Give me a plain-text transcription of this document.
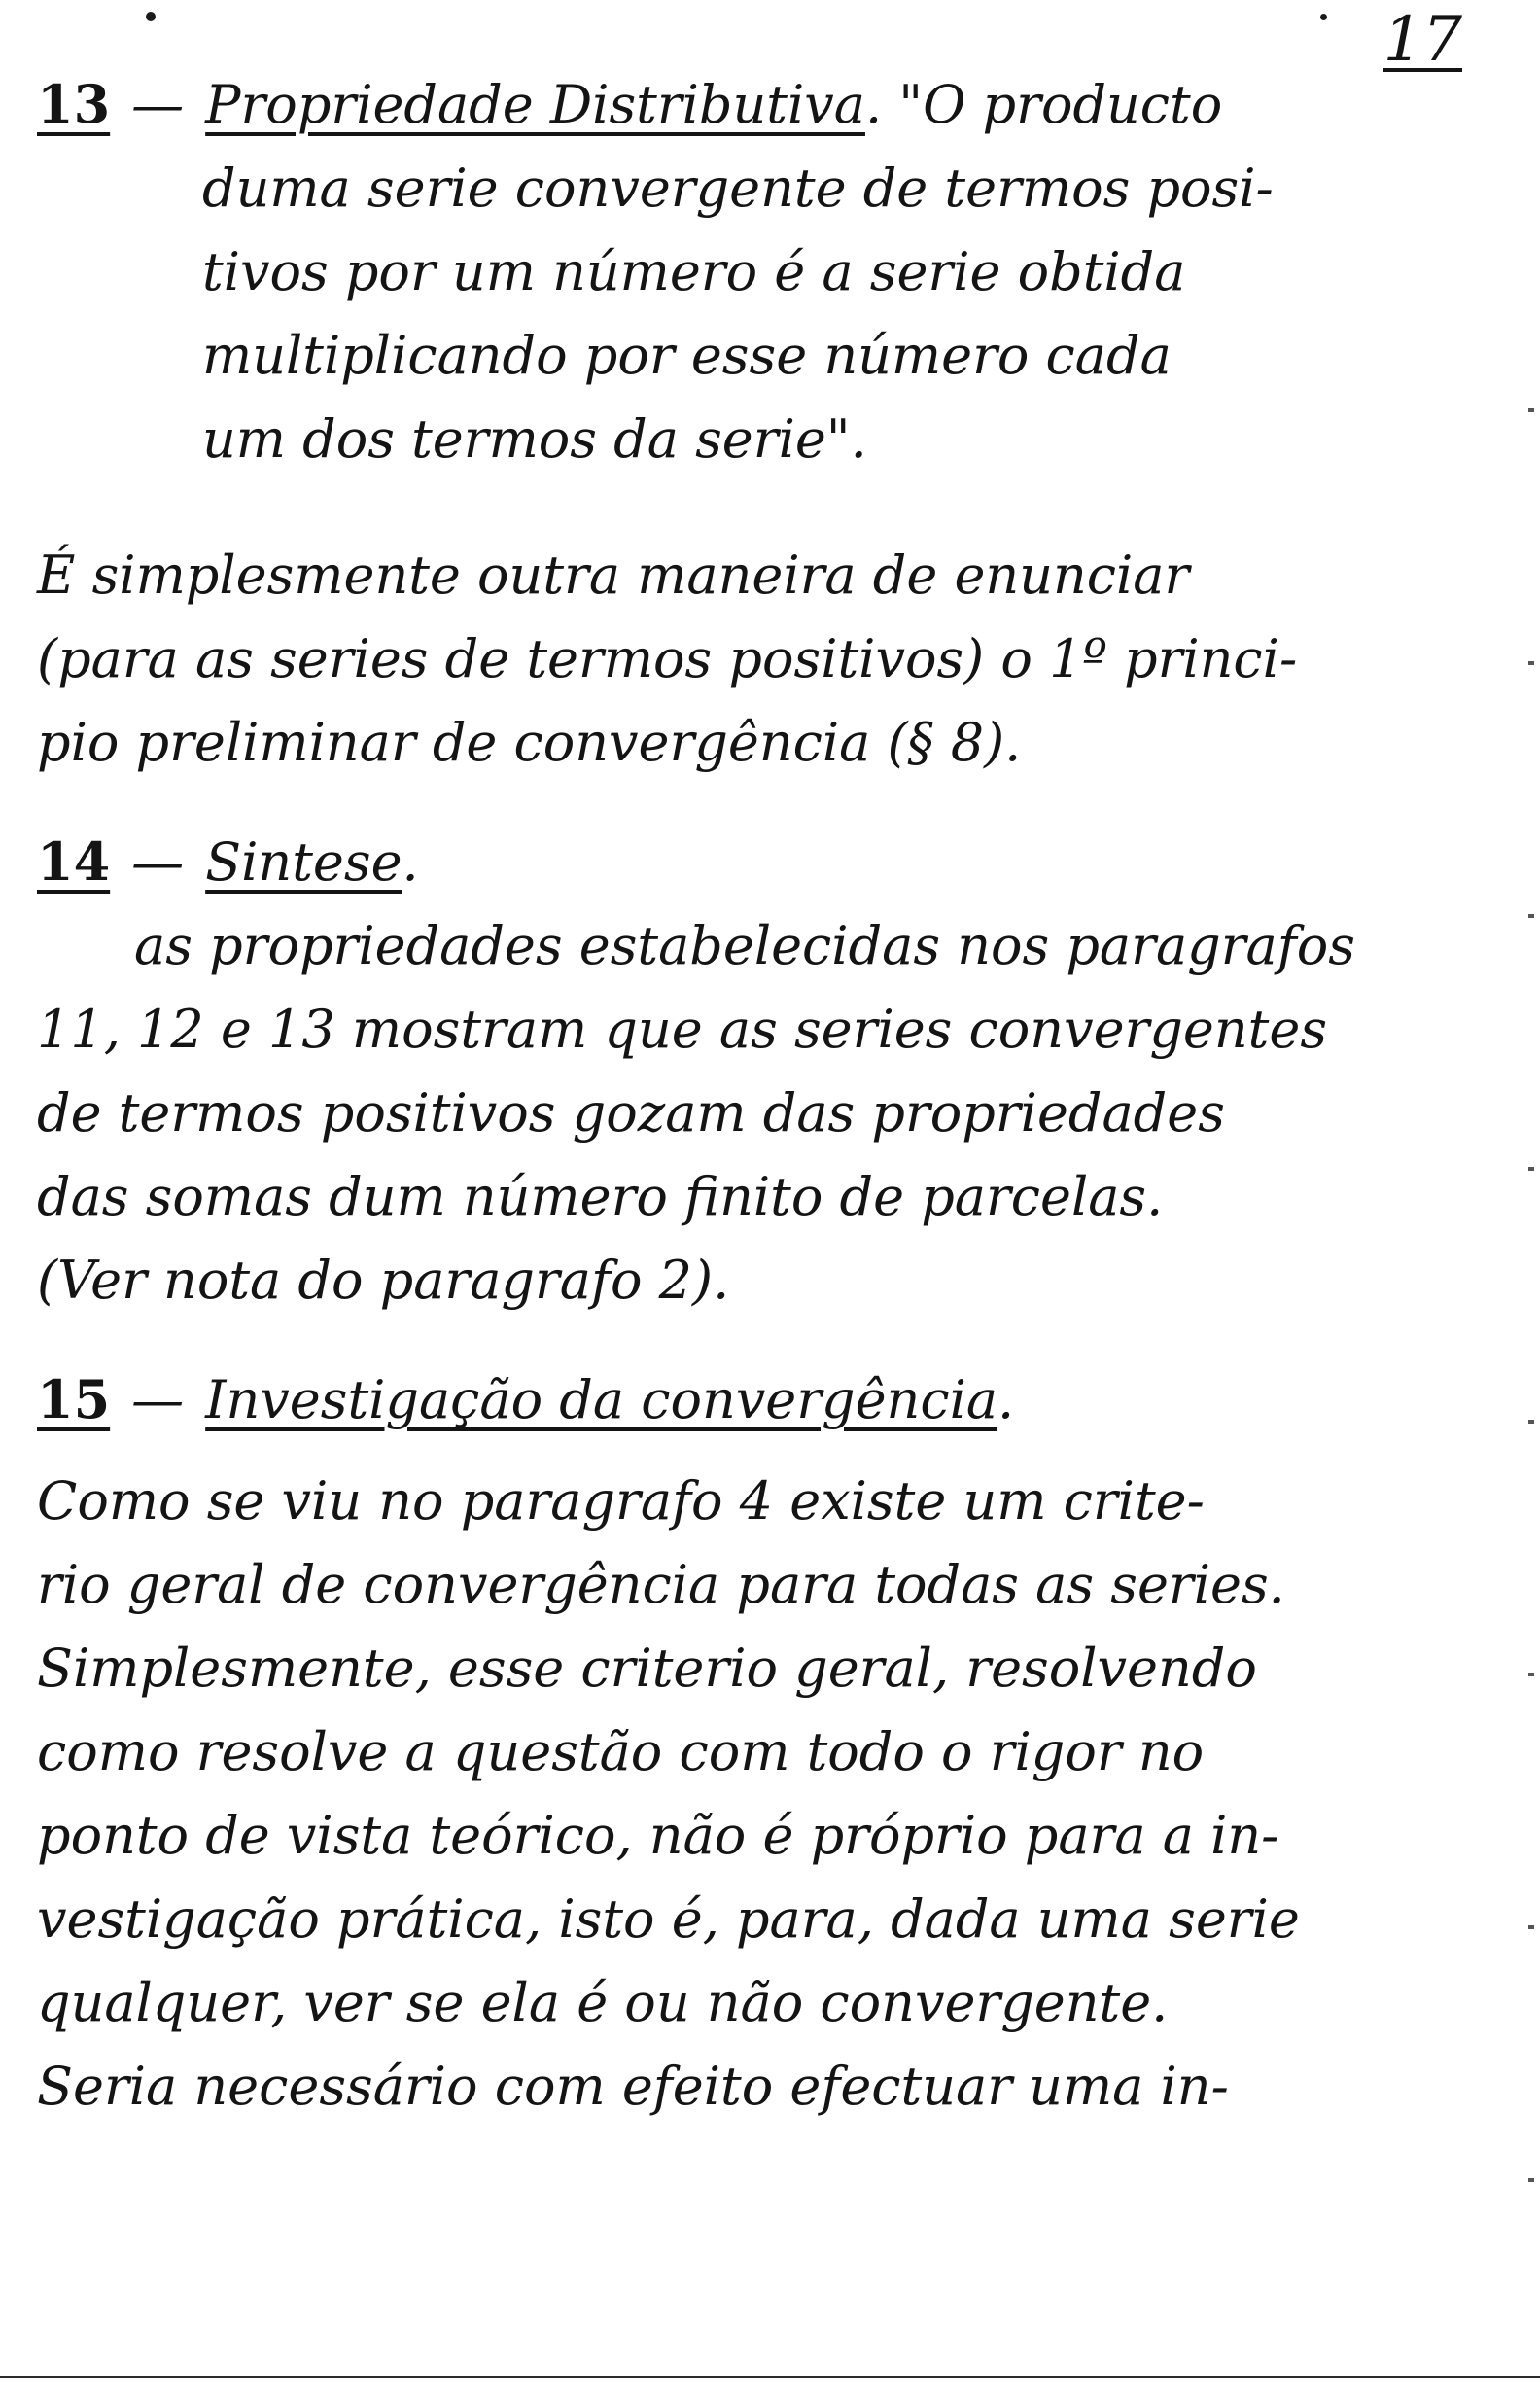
17
13 — Propriedade Distributiva. "O producto
duma serie convergente de termos posi-
tivos por um número é a serie obtida
multiplicando por esse número cada
um dos termos da serie".
É simplesmente outra maneira de enunciar
(para as series de termos positivos) o 1º princi-
pio preliminar de convergência (§ 8).
14 — Sintese.
as propriedades estabelecidas nos paragrafos
11, 12 e 13 mostram que as series convergentes
de termos positivos gozam das propriedades
das somas dum número finito de parcelas.
(Ver nota do paragrafo 2).
15 — Investigação da convergência.
Como se viu no paragrafo 4 existe um crite-
rio geral de convergência para todas as series.
Simplesmente, esse criterio geral, resolvendo
como resolve a questão com todo o rigor no
ponto de vista teórico, não é próprio para a in-
vestigação prática, isto é, para, dada uma serie
qualquer, ver se ela é ou não convergente.
Seria necessário com efeito efectuar uma in-
